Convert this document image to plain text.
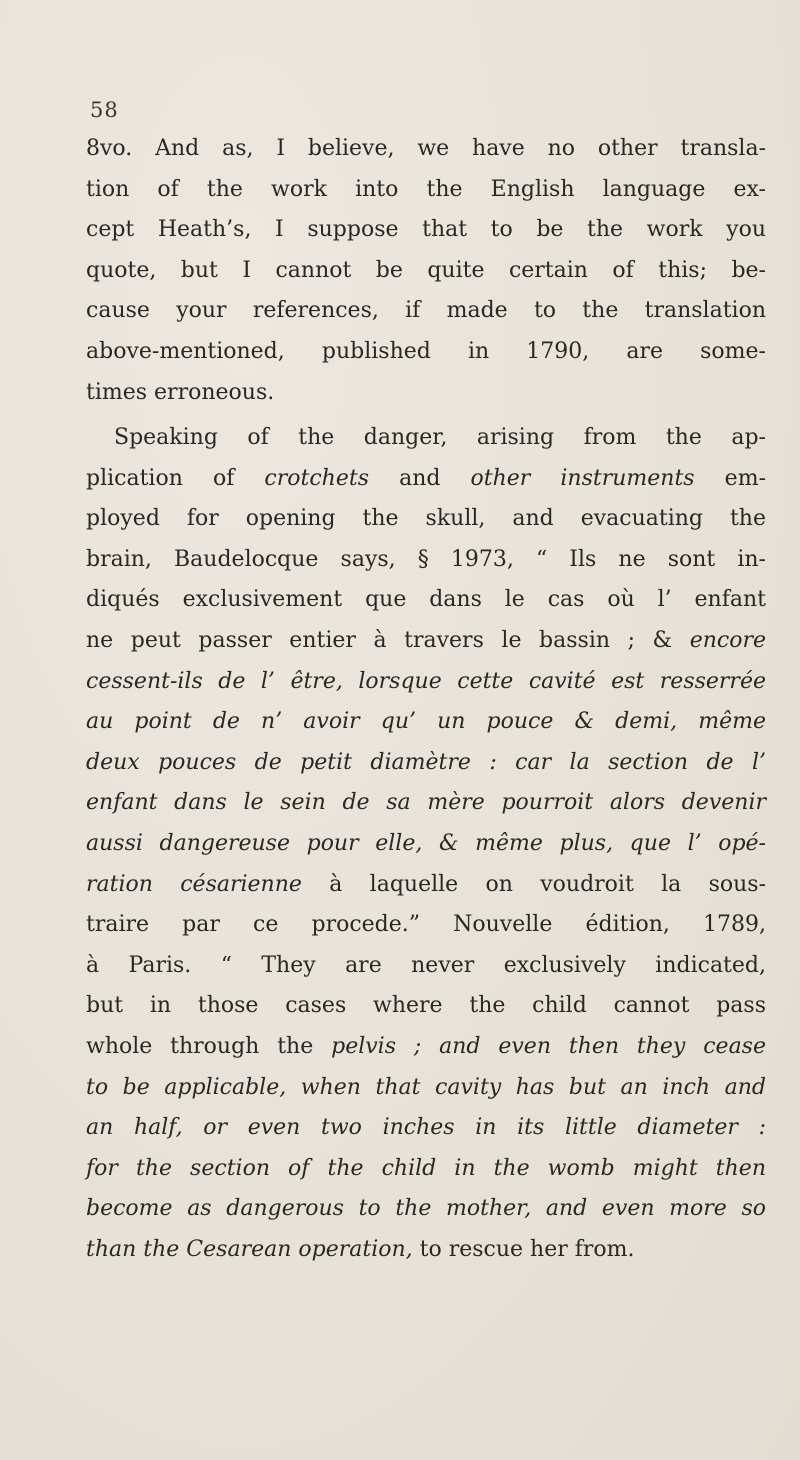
58
8vo. And as, I believe, we have no other transla-
tion of the work into the English language ex-
cept Heath’s, I suppose that to be the work you
quote, but I cannot be quite certain of this; be-
cause your references, if made to the translation
above-mentioned, published in 1790, are some-
times erroneous.
Speaking of the danger, arising from the ap-
plication of crotchets and other instruments em-
ployed for opening the skull, and evacuating the
brain, Baudelocque says, § 1973, “ Ils ne sont in-
diqués exclusivement que dans le cas où l’ enfant
ne peut passer entier à travers le bassin ; & encore
cessent-ils de l’ être, lorsque cette cavité est resserrée
au point de n’ avoir qu’ un pouce & demi, même
deux pouces de petit diamètre : car la section de l’
enfant dans le sein de sa mère pourroit alors devenir
aussi dangereuse pour elle, & même plus, que l’ opé-
ration césarienne à laquelle on voudroit la sous-
traire par ce procede.” Nouvelle édition, 1789,
à Paris. “ They are never exclusively indicated,
but in those cases where the child cannot pass
whole through the pelvis ; and even then they cease
to be applicable, when that cavity has but an inch and
an half, or even two inches in its little diameter :
for the section of the child in the womb might then
become as dangerous to the mother, and even more so
than the Cesarean operation, to rescue her from.
